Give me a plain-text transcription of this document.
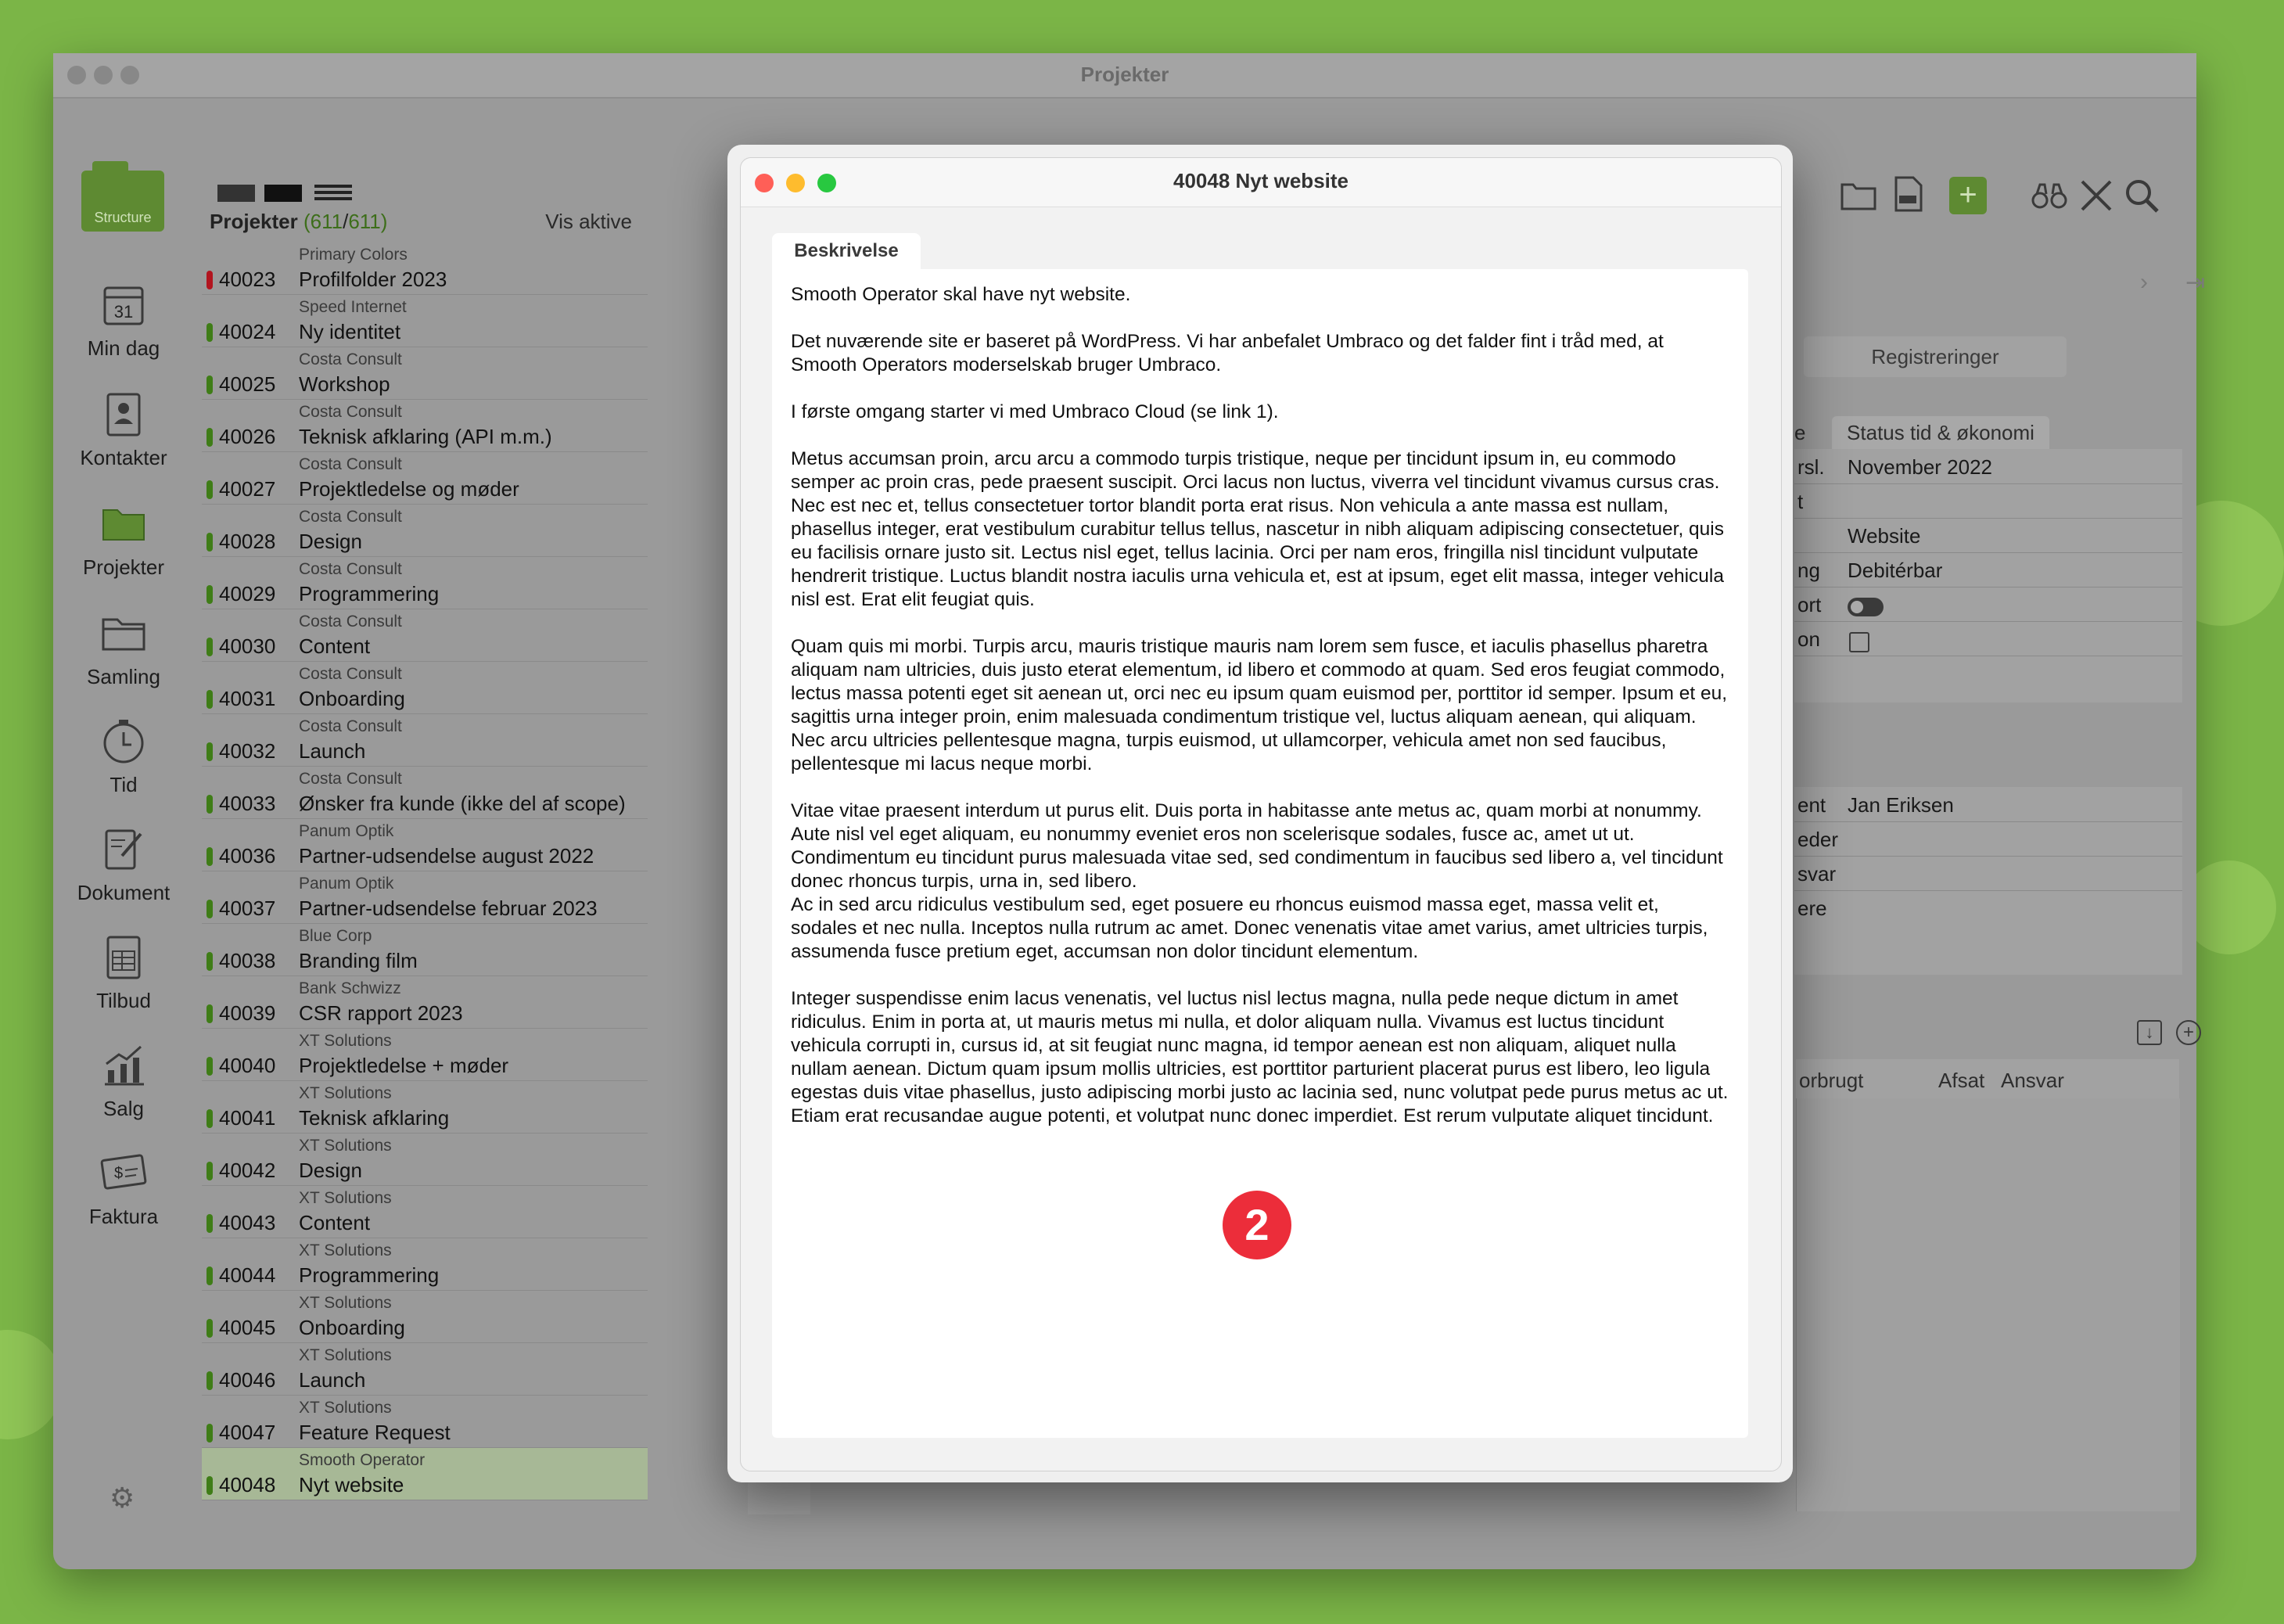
Projekter
Structure
+
31
Min dag
Kontakter
Projekter
Samling
Tid
Dokument
Tilbud
Salg
$
Faktura
⚙
Projekter (611/611)	Vis aktive
Primary Colors
40023 Profilfolder 2023
Speed Internet
40024 Ny identitet
Costa Consult
40025 Workshop
Costa Consult
40026 Teknisk afklaring (API m.m.)
Costa Consult
40027 Projektledelse og møder
Costa Consult
40028 Design
Costa Consult
40029 Programmering
Costa Consult
40030 Content
Costa Consult
40031 Onboarding
Costa Consult
40032 Launch
Costa Consult
40033 Ønsker fra kunde (ikke del af scope)
Panum Optik
40036 Partner-udsendelse august 2022
Panum Optik
40037 Partner-udsendelse februar 2023
Blue Corp
40038 Branding film
Bank Schwizz
40039 CSR rapport 2023
XT Solutions
40040 Projektledelse + møder
XT Solutions
40041 Teknisk afklaring
XT Solutions
40042 Design
XT Solutions
40043 Content
XT Solutions
40044 Programmering
XT Solutions
40045 Onboarding
XT Solutions
40046 Launch
XT Solutions
40047 Feature Request
Smooth Operator
40048 Nyt website
› ⇥
Registreringer
e	Status tid & økonomi
rsl.
t
ng
ort
on
November 2022
Website
Debitérbar
ent Jan Eriksen
eder
svar
ere
↓	+
orbrugt	Afsat Ansvar
40048 Nyt website
Beskrivelse

Smooth Operator skal have nyt website.

Det nuværende site er baseret på WordPress. Vi har anbefalet Umbraco og det falder fint i tråd med, at Smooth Operators moderselskab bruger Umbraco.

I første omgang starter vi med Umbraco Cloud (se link 1).

Metus accumsan proin, arcu arcu a commodo turpis tristique, neque per tincidunt ipsum in, eu commodo semper ac proin cras, pede praesent suscipit. Orci lacus non luctus, viverra vel tincidunt vivamus cursus cras. Nec est nec et, tellus consectetuer tortor blandit porta erat risus. Non vehicula a ante massa est nullam, phasellus integer, erat vestibulum curabitur tellus tellus, nascetur in nibh aliquam adipiscing consectetuer, quis eu facilisis ornare justo sit. Lectus nisl eget, tellus lacinia. Orci per nam eros, fringilla nisl tincidunt vulputate hendrerit tristique. Luctus blandit nostra iaculis urna vehicula et, est at ipsum, eget elit massa, integer vehicula nisl est. Erat elit feugiat quis.

Quam quis mi morbi. Turpis arcu, mauris tristique mauris nam lorem sem fusce, et iaculis phasellus pharetra aliquam nam ultricies, duis justo eterat elementum, id libero et commodo at quam. Sed eros feugiat commodo, lectus massa potenti eget sit aenean ut, orci nec eu ipsum quam euismod per, porttitor id semper. Ipsum et eu, sagittis urna integer proin, enim malesuada condimentum tristique vel, luctus aliquam aenean, qui aliquam. Nec arcu ultricies pellentesque magna, turpis euismod, ut ullamcorper, vehicula amet non sed faucibus, pellentesque mi lacus neque morbi.

Vitae vitae praesent interdum ut purus elit. Duis porta in habitasse ante metus ac, quam morbi at nonummy. Aute nisl vel eget aliquam, eu nonummy eveniet eros non scelerisque sodales, fusce ac, amet ut ut. Condimentum eu tincidunt purus malesuada vitae sed, sed condimentum in faucibus sed libero a, vel tincidunt donec rhoncus turpis, urna in, sed libero.

Ac in sed arcu ridiculus vestibulum sed, eget posuere eu rhoncus euismod massa eget, massa velit et, sodales et nec nulla. Inceptos nulla rutrum ac amet. Donec venenatis vitae amet varius, amet ultricies turpis, assumenda fusce pretium eget, accumsan non dolor tincidunt elementum.

Integer suspendisse enim lacus venenatis, vel luctus nisl lectus magna, nulla pede neque dictum in amet ridiculus. Enim in porta at, ut mauris metus mi nulla, et dolor aliquam nulla. Vivamus est luctus tincidunt vehicula corrupti in, cursus id, at sit feugiat nunc magna, id tempor aenean est non aliquam, aliquet nulla nullam aenean. Dictum quam ipsum mollis ultricies, est porttitor parturient placerat purus est libero, leo ligula egestas duis vitae phasellus, justo adipiscing morbi justo ac lacinia sed, nunc volutpat pede purus metus ac ut. Etiam erat recusandae augue potenti, et volutpat nunc donec imperdiet. Est rerum vulputate aliquet tincidunt.

2
